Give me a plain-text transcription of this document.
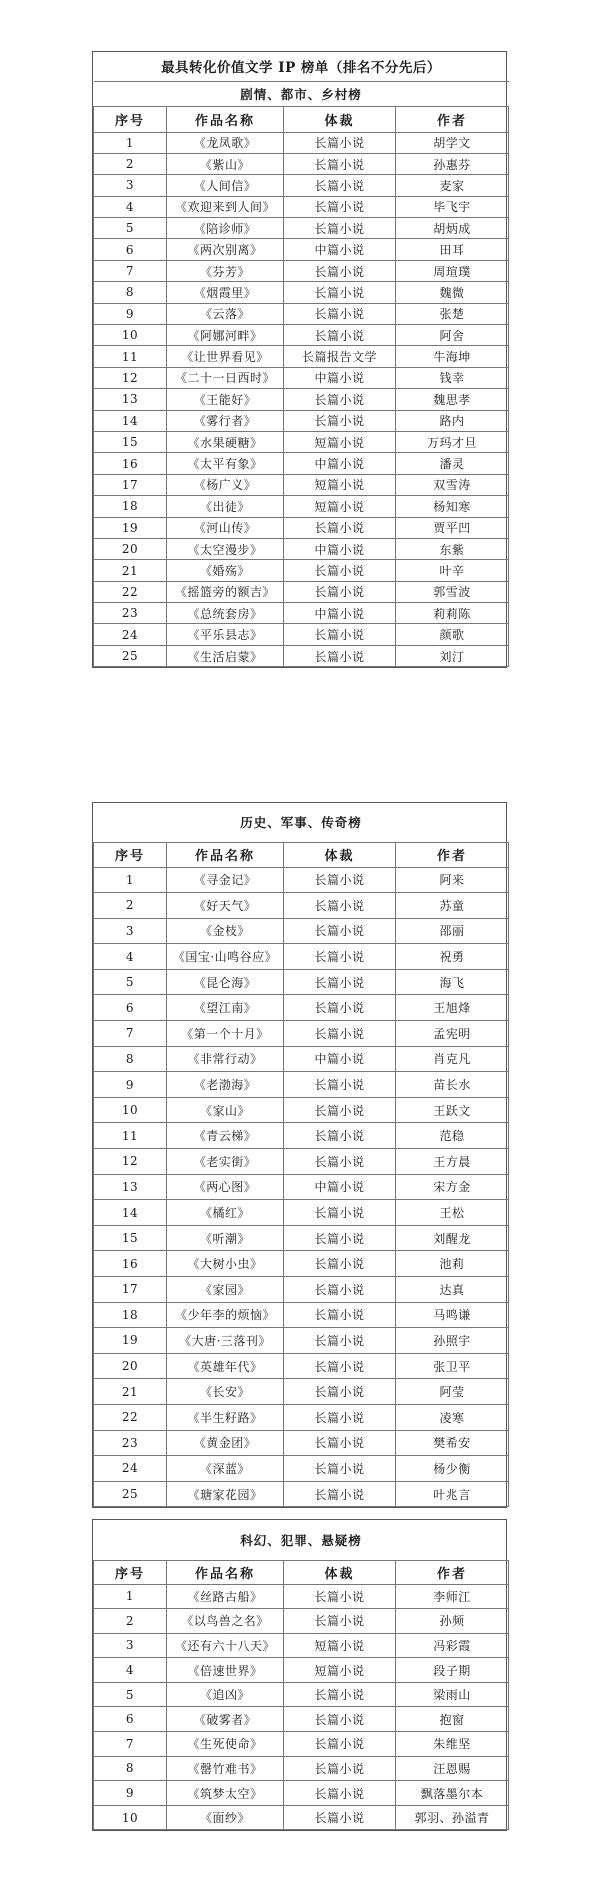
最具转化价值文学 IP 榜单（排名不分先后）			
剧情、都市、乡村榜			
序号	作品名称	体裁	作者
1	《龙凤歌》	长篇小说	胡学文
2	《紫山》	长篇小说	孙惠芬
3	《人间信》	长篇小说	麦家
4	《欢迎来到人间》	长篇小说	毕飞宇
5	《陪诊师》	长篇小说	胡炳成
6	《两次别离》	中篇小说	田耳
7	《芬芳》	长篇小说	周瑄璞
8	《烟霞里》	长篇小说	魏微
9	《云落》	长篇小说	张楚
10	《阿娜河畔》	长篇小说	阿舍
11	《让世界看见》	长篇报告文学	牛海坤
12	《二十一日西时》	中篇小说	钱幸
13	《王能好》	长篇小说	魏思孝
14	《雾行者》	长篇小说	路内
15	《水果硬糖》	短篇小说	万玛才旦
16	《太平有象》	中篇小说	潘灵
17	《杨广义》	短篇小说	双雪涛
18	《出徒》	短篇小说	杨知寒
19	《河山传》	长篇小说	贾平凹
20	《太空漫步》	中篇小说	东紫
21	《婚殇》	长篇小说	叶辛
22	《摇篮旁的额吉》	长篇小说	郭雪波
23	《总统套房》	中篇小说	莉莉陈
24	《平乐县志》	长篇小说	颜歌
25	《生活启蒙》	长篇小说	刘汀
历史、军事、传奇榜			
序号	作品名称	体裁	作者
1	《寻金记》	长篇小说	阿来
2	《好天气》	长篇小说	苏童
3	《金枝》	长篇小说	邵丽
4	《国宝·山鸣谷应》	长篇小说	祝勇
5	《昆仑海》	长篇小说	海飞
6	《望江南》	长篇小说	王旭烽
7	《第一个十月》	长篇小说	孟宪明
8	《非常行动》	中篇小说	肖克凡
9	《老渤海》	长篇小说	苗长水
10	《家山》	长篇小说	王跃文
11	《青云梯》	长篇小说	范稳
12	《老实街》	长篇小说	王方晨
13	《两心图》	中篇小说	宋方金
14	《橘红》	长篇小说	王松
15	《听潮》	长篇小说	刘醒龙
16	《大树小虫》	长篇小说	池莉
17	《家园》	长篇小说	达真
18	《少年李的烦恼》	长篇小说	马鸣谦
19	《大唐·三落刊》	长篇小说	孙照宇
20	《英雄年代》	长篇小说	张卫平
21	《长安》	长篇小说	阿莹
22	《半生籽路》	长篇小说	凌寒
23	《黄金团》	长篇小说	樊希安
24	《深蓝》	长篇小说	杨少衡
25	《瑭家花园》	长篇小说	叶兆言
科幻、犯罪、悬疑榜			
序号	作品名称	体裁	作者
1	《丝路古船》	长篇小说	李师江
2	《以鸟兽之名》	长篇小说	孙频
3	《还有六十八天》	短篇小说	冯彩霞
4	《倍速世界》	短篇小说	段子期
5	《追凶》	长篇小说	梁雨山
6	《破雾者》	长篇小说	抱窗
7	《生死使命》	长篇小说	朱维坚
8	《罄竹难书》	长篇小说	汪恩赐
9	《筑梦太空》	长篇小说	飘落墨尔本
10	《面纱》	长篇小说	郭羽、孙溢青
